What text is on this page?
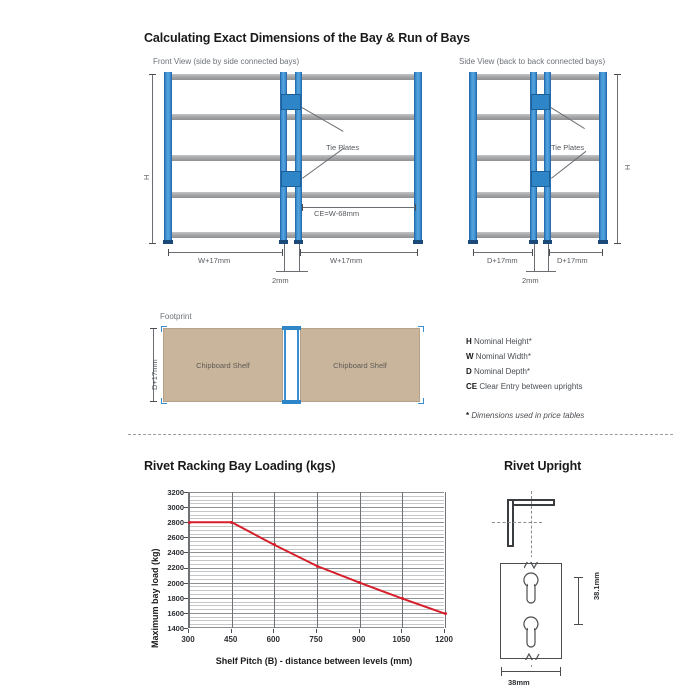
Calculating Exact Dimensions of the Bay & Run of Bays
Front View (side by side connected bays)
H
Tie Plates
CE=W-68mm
W+17mm	W+17mm
2mm
Side View (back to back connected bays)
H
Tie Plates
D+17mm	D+17mm
2mm
Footprint
Chipboard Shelf	Chipboard Shelf
D+17mm
H Nominal Height*
W Nominal Width*
D Nominal Depth*
CE Clear Entry between uprights
* Dimensions used in price tables
Rivet Racking Bay Loading (kgs)
Maximum bay load (kg)
3200
3000
2800
2600
2400
2200
2000
1800
1600
1400
300	450	600	750	900	1050	1200
Shelf Pitch (B) - distance between levels (mm)
Rivet Upright
38.1mm
38mm
